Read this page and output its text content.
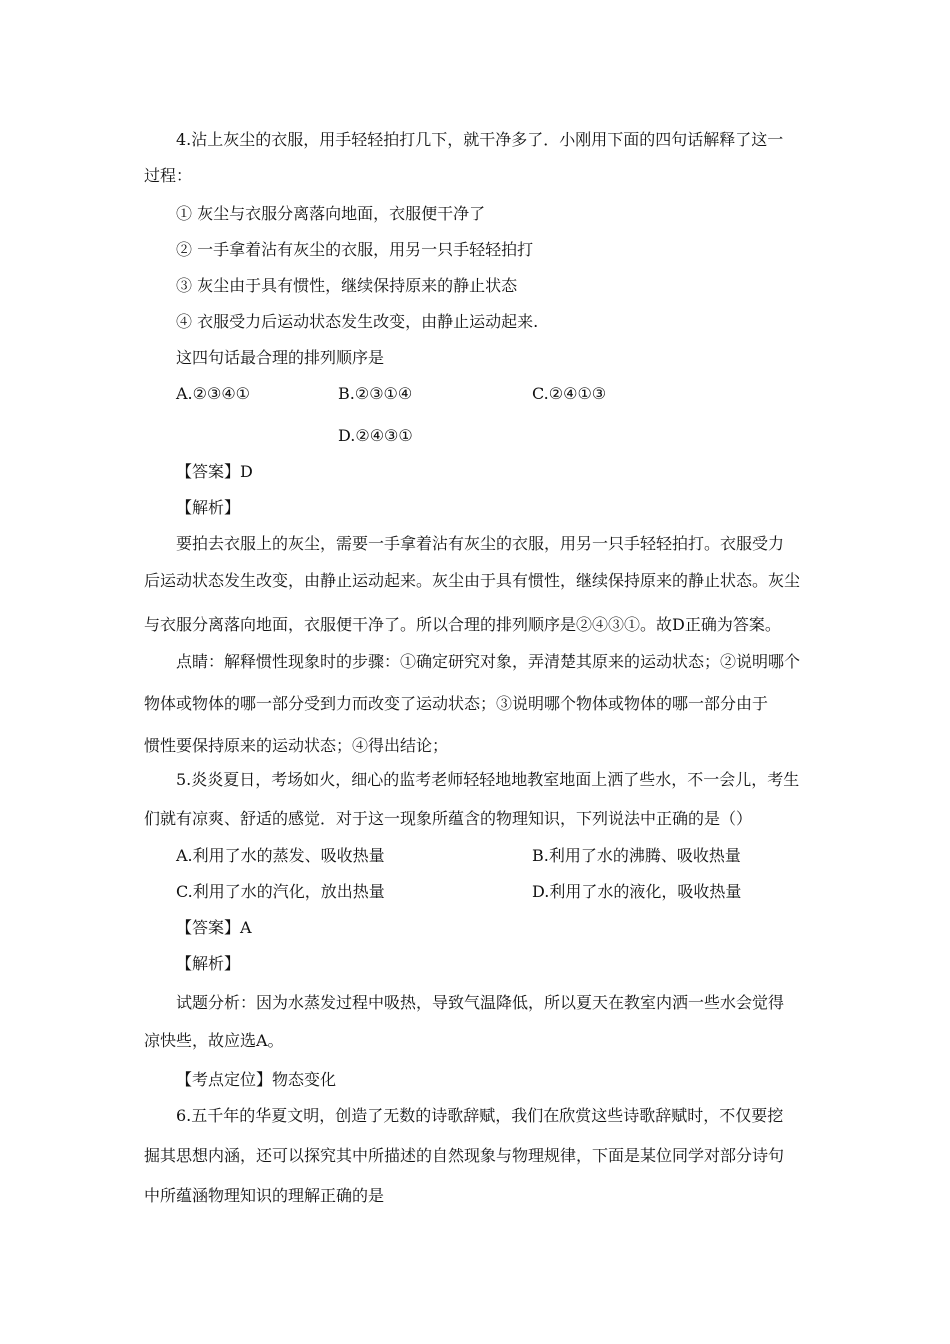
4.沾上灰尘的衣服，用手轻轻拍打几下，就干净多了．小刚用下面的四句话解释了这一
过程：
① 灰尘与衣服分离落向地面，衣服便干净了
② 一手拿着沾有灰尘的衣服，用另一只手轻轻拍打
③ 灰尘由于具有惯性，继续保持原来的静止状态
④ 衣服受力后运动状态发生改变，由静止运动起来.
这四句话最合理的排列顺序是
A.②③④①	B.②③①④	C.②④①③
D.②④③①
【答案】D
【解析】
要拍去衣服上的灰尘，需要一手拿着沾有灰尘的衣服，用另一只手轻轻拍打。衣服受力
后运动状态发生改变，由静止运动起来。灰尘由于具有惯性，继续保持原来的静止状态。灰尘
与衣服分离落向地面，衣服便干净了。所以合理的排列顺序是②④③①。故D正确为答案。
点睛：解释惯性现象时的步骤：①确定研究对象，弄清楚其原来的运动状态；②说明哪个
物体或物体的哪一部分受到力而改变了运动状态；③说明哪个物体或物体的哪一部分由于
惯性要保持原来的运动状态；④得出结论；
5.炎炎夏日，考场如火，细心的监考老师轻轻地地教室地面上洒了些水，不一会儿，考生
们就有凉爽、舒适的感觉．对于这一现象所蕴含的物理知识，下列说法中正确的是（）
A.利用了水的蒸发、吸收热量	B.利用了水的沸腾、吸收热量
C.利用了水的汽化，放出热量	D.利用了水的液化，吸收热量
【答案】A
【解析】
试题分析：因为水蒸发过程中吸热，导致气温降低，所以夏天在教室内洒一些水会觉得
凉快些，故应选A。
【考点定位】物态变化
6.五千年的华夏文明，创造了无数的诗歌辞赋，我们在欣赏这些诗歌辞赋时，不仅要挖
掘其思想内涵，还可以探究其中所描述的自然现象与物理规律，下面是某位同学对部分诗句
中所蕴涵物理知识的理解正确的是
